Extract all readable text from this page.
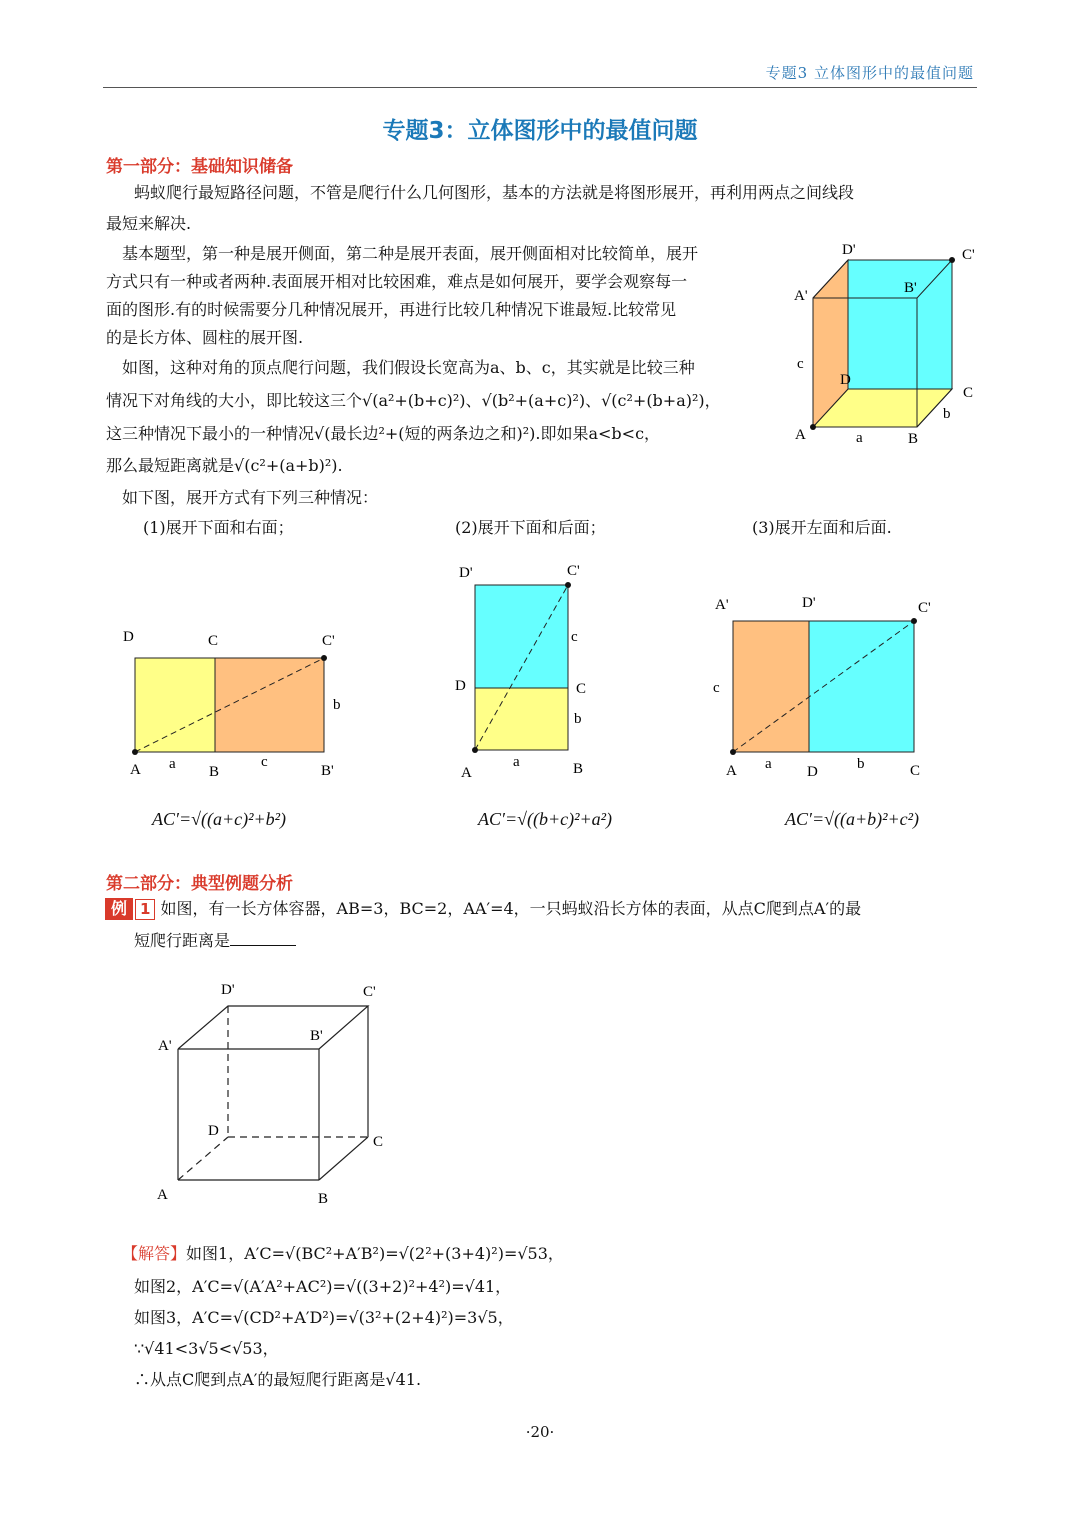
专题3 立体图形中的最值问题
专题3：立体图形中的最值问题
第一部分：基础知识储备
蚂蚁爬行最短路径问题，不管是爬行什么几何图形，基本的方法就是将图形展开，再利用两点之间线段
最短来解决.
基本题型，第一种是展开侧面，第二种是展开表面，展开侧面相对比较简单，展开
方式只有一种或者两种.表面展开相对比较困难，难点是如何展开，要学会观察每一
面的图形.有的时候需要分几种情况展开，再进行比较几种情况下谁最短.比较常见
的是长方体、圆柱的展开图.
如图，这种对角的顶点爬行问题，我们假设长宽高为a、b、c，其实就是比较三种
情况下对角线的大小，即比较这三个√(a²+(b+c)²)、√(b²+(a+c)²)、√(c²+(b+a)²)，
这三种情况下最小的一种情况√(最长边²+(短的两条边之和)²).即如果a<b<c，
那么最短距离就是√(c²+(a+b)²).
如下图，展开方式有下列三种情况：
(1)展开下面和右面；	(2)展开下面和后面；	(3)展开左面和后面.
D'	C'
A'	B'
D
C
A	B
a
b
c
D	C	C'
A a B
c
B'
b
D'	C'
c
D	C
b
A
a	B
A'	D'	C'
c
A a D	b	C
AC′=√((a+c)²+b²)	AC′=√((b+c)²+a²)	AC′=√((a+b)²+c²)
第二部分：典型例题分析
例 1 如图，有一长方体容器，AB=3，BC=2，AA′=4，一只蚂蚁沿长方体的表面，从点C爬到点A′的最
短爬行距离是
D'	C'
A'
B'
D
C
A	B
【解答】如图1，A′C=√(BC²+A′B²)=√(2²+(3+4)²)=√53，
如图2，A′C=√(A′A²+AC²)=√((3+2)²+4²)=√41，
如图3，A′C=√(CD²+A′D²)=√(3²+(2+4)²)=3√5，
∵√41<3√5<√53，
∴从点C爬到点A′的最短爬行距离是√41.
·20·
